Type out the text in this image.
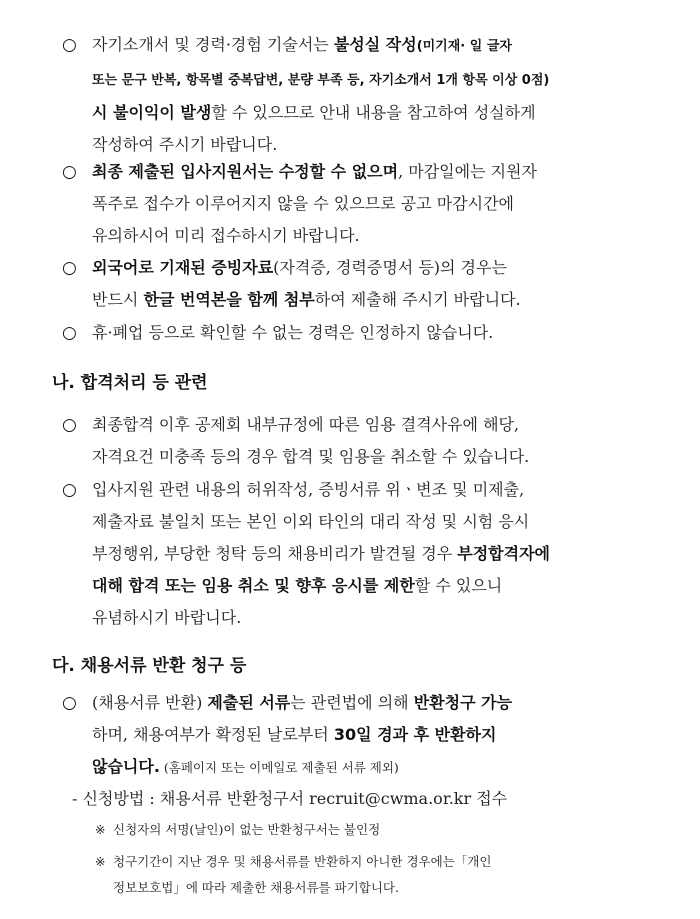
○ 자기소개서 및 경력·경험 기술서는 불성실 작성(미기재· 일 글자

또는 문구 반복, 항목별 중복답변, 분량 부족 등, 자기소개서 1개 항목 이상 0점)

시 불이익이 발생할 수 있으므로 안내 내용을 참고하여 성실하게

작성하여 주시기 바랍니다.

○ 최종 제출된 입사지원서는 수정할 수 없으며, 마감일에는 지원자

폭주로 접수가 이루어지지 않을 수 있으므로 공고 마감시간에

유의하시어 미리 접수하시기 바랍니다.

○ 외국어로 기재된 증빙자료(자격증, 경력증명서 등)의 경우는

반드시 한글 번역본을 함께 첨부하여 제출해 주시기 바랍니다.

○ 휴·폐업 등으로 확인할 수 없는 경력은 인정하지 않습니다.

나. 합격처리 등 관련
○ 최종합격 이후 공제회 내부규정에 따른 임용 결격사유에 해당,

자격요건 미충족 등의 경우 합격 및 임용을 취소할 수 있습니다.

○ 입사지원 관련 내용의 허위작성, 증빙서류 위ㆍ변조 및 미제출,

제출자료 불일치 또는 본인 이외 타인의 대리 작성 및 시험 응시

부정행위, 부당한 청탁 등의 채용비리가 발견될 경우 부정합격자에

대해 합격 또는 임용 취소 및 향후 응시를 제한할 수 있으니

유념하시기 바랍니다.

다. 채용서류 반환 청구 등
○ (채용서류 반환) 제출된 서류는 관련법에 의해 반환청구 가능

하며, 채용여부가 확정된 날로부터 30일 경과 후 반환하지

않습니다. (홈페이지 또는 이메일로 제출된 서류 제외)

- 신청방법 : 채용서류 반환청구서 recruit@cwma.or.kr 접수
※ 신청자의 서명(날인)이 없는 반환청구서는 불인정
※ 청구기간이 지난 경우 및 채용서류를 반환하지 아니한 경우에는「개인
정보보호법」에 따라 제출한 채용서류를 파기합니다.
